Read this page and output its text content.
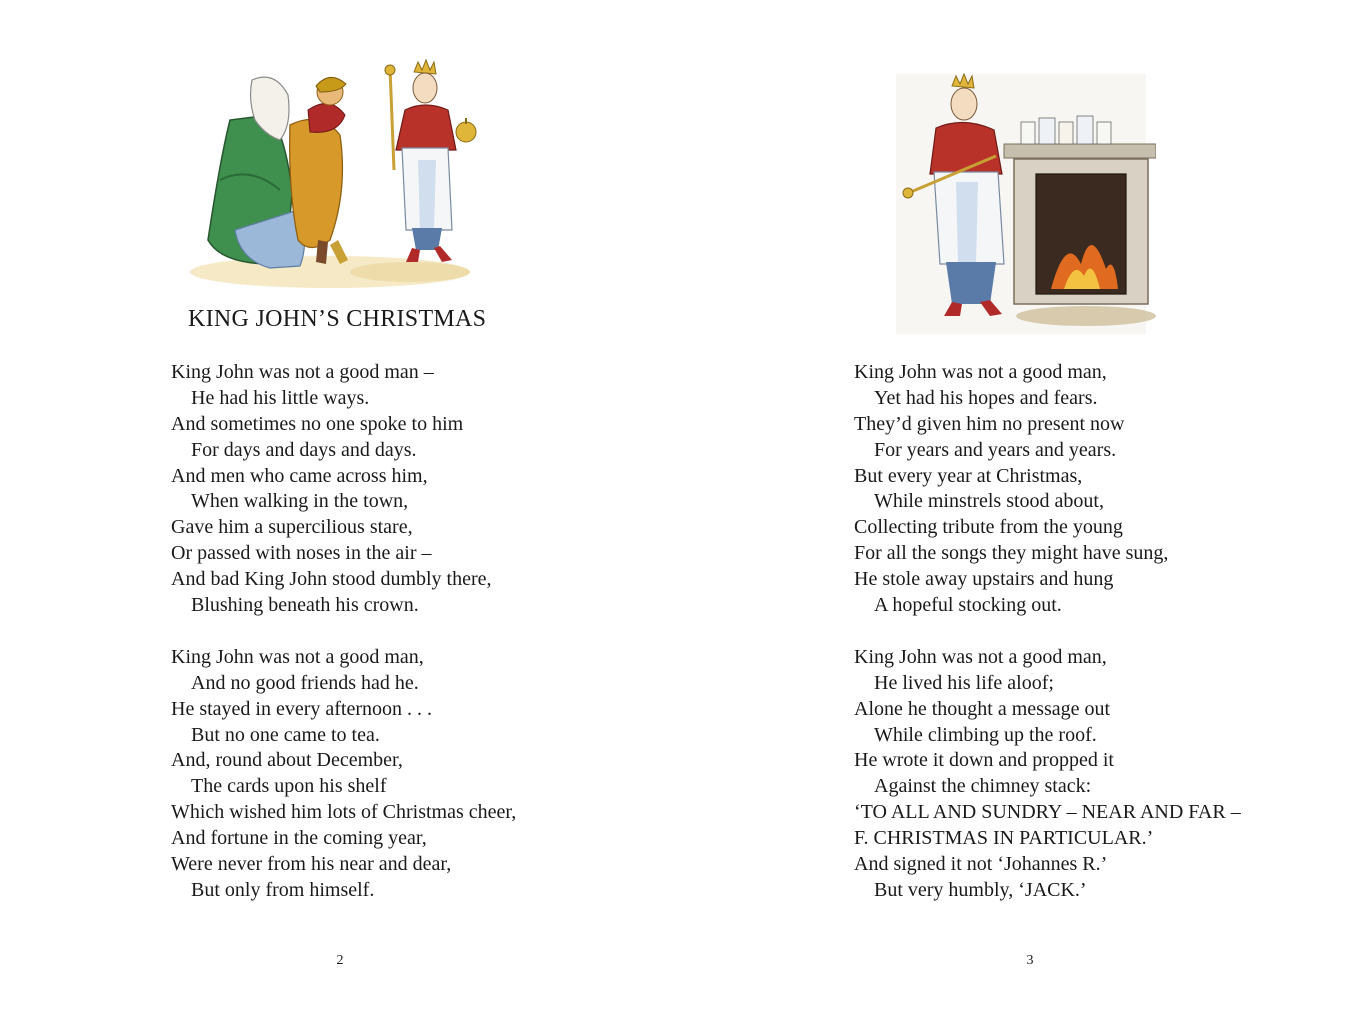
KING JOHN’S CHRISTMAS
King John was not a good man –
He had his little ways.
And sometimes no one spoke to him
For days and days and days.
And men who came across him,
When walking in the town,
Gave him a supercilious stare,
Or passed with noses in the air –
And bad King John stood dumbly there,
Blushing beneath his crown.
King John was not a good man,
And no good friends had he.
He stayed in every afternoon . . .
But no one came to tea.
And, round about December,
The cards upon his shelf
Which wished him lots of Christmas cheer,
And fortune in the coming year,
Were never from his near and dear,
But only from himself.
2
King John was not a good man,
Yet had his hopes and fears.
They’d given him no present now
For years and years and years.
But every year at Christmas,
While minstrels stood about,
Collecting tribute from the young
For all the songs they might have sung,
He stole away upstairs and hung
A hopeful stocking out.
King John was not a good man,
He lived his life aloof;
Alone he thought a message out
While climbing up the roof.
He wrote it down and propped it
Against the chimney stack:
‘TO ALL AND SUNDRY – NEAR AND FAR –
F. CHRISTMAS IN PARTICULAR.’
And signed it not ‘Johannes R.’
But very humbly, ‘JACK.’
3
